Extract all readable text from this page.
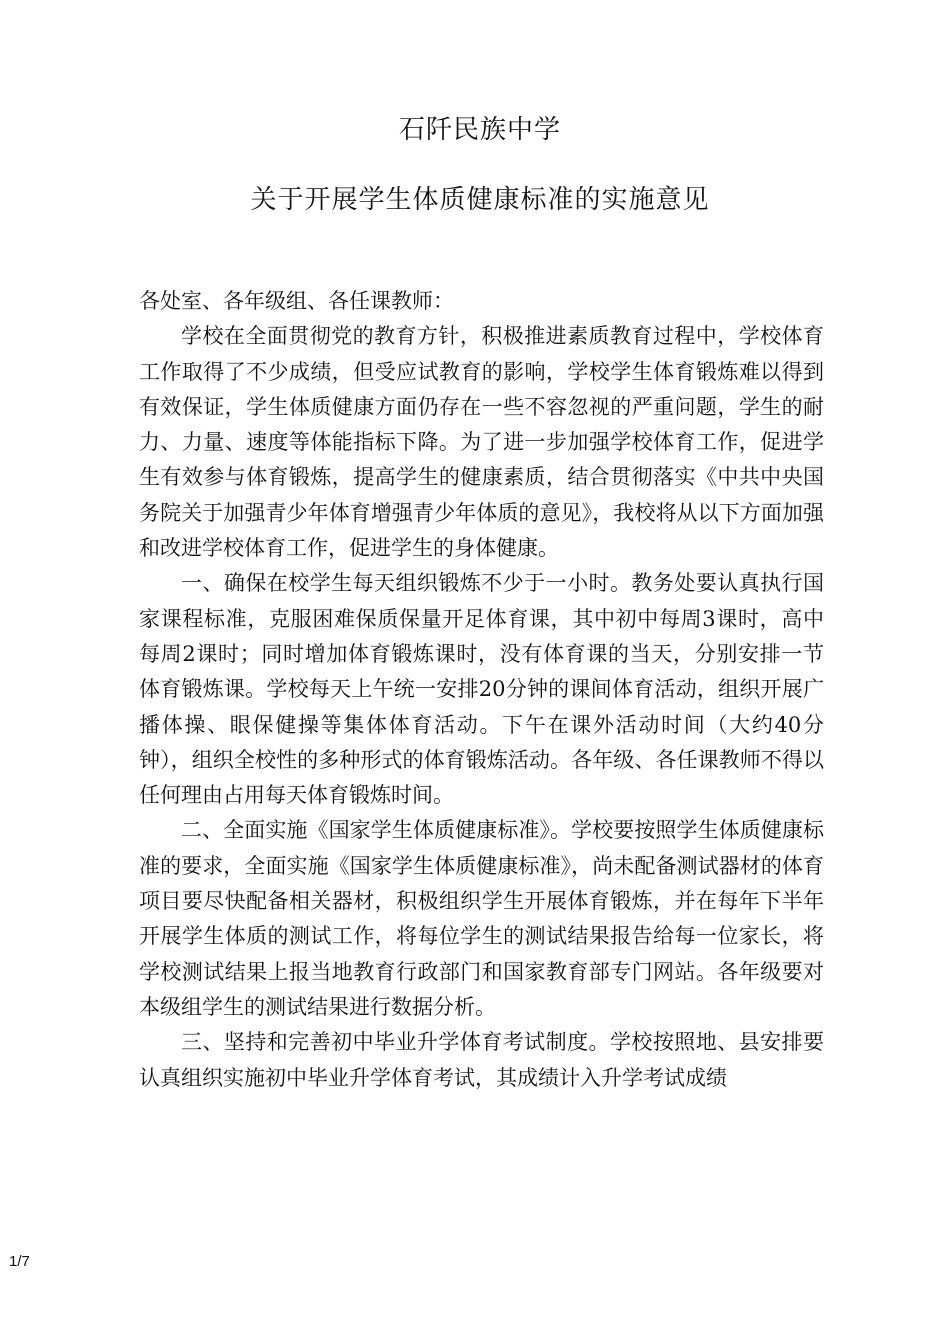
石阡民族中学
关于开展学生体质健康标准的实施意见

各处室、各年级组、各任课教师：

学校在全面贯彻党的教育方针，积极推进素质教育过程中，学校体育工作取得了不少成绩，但受应试教育的影响，学校学生体育锻炼难以得到有效保证，学生体质健康方面仍存在一些不容忽视的严重问题，学生的耐力、力量、速度等体能指标下降。为了进一步加强学校体育工作，促进学生有效参与体育锻炼，提高学生的健康素质，结合贯彻落实《中共中央国务院关于加强青少年体育增强青少年体质的意见》，我校将从以下方面加强和改进学校体育工作，促进学生的身体健康。

一、确保在校学生每天组织锻炼不少于一小时。教务处要认真执行国家课程标准，克服困难保质保量开足体育课，其中初中每周3课时，高中每周2课时；同时增加体育锻炼课时，没有体育课的当天，分别安排一节体育锻炼课。学校每天上午统一安排20分钟的课间体育活动，组织开展广播体操、眼保健操等集体体育活动。下午在课外活动时间（大约40分钟），组织全校性的多种形式的体育锻炼活动。各年级、各任课教师不得以任何理由占用每天体育锻炼时间。

二、全面实施《国家学生体质健康标准》。学校要按照学生体质健康标准的要求，全面实施《国家学生体质健康标准》，尚未配备测试器材的体育项目要尽快配备相关器材，积极组织学生开展体育锻炼，并在每年下半年开展学生体质的测试工作，将每位学生的测试结果报告给每一位家长，将学校测试结果上报当地教育行政部门和国家教育部专门网站。各年级要对本级组学生的测试结果进行数据分析。

三、坚持和完善初中毕业升学体育考试制度。学校按照地、县安排要认真组织实施初中毕业升学体育考试，其成绩计入升学考试成绩

1/7
